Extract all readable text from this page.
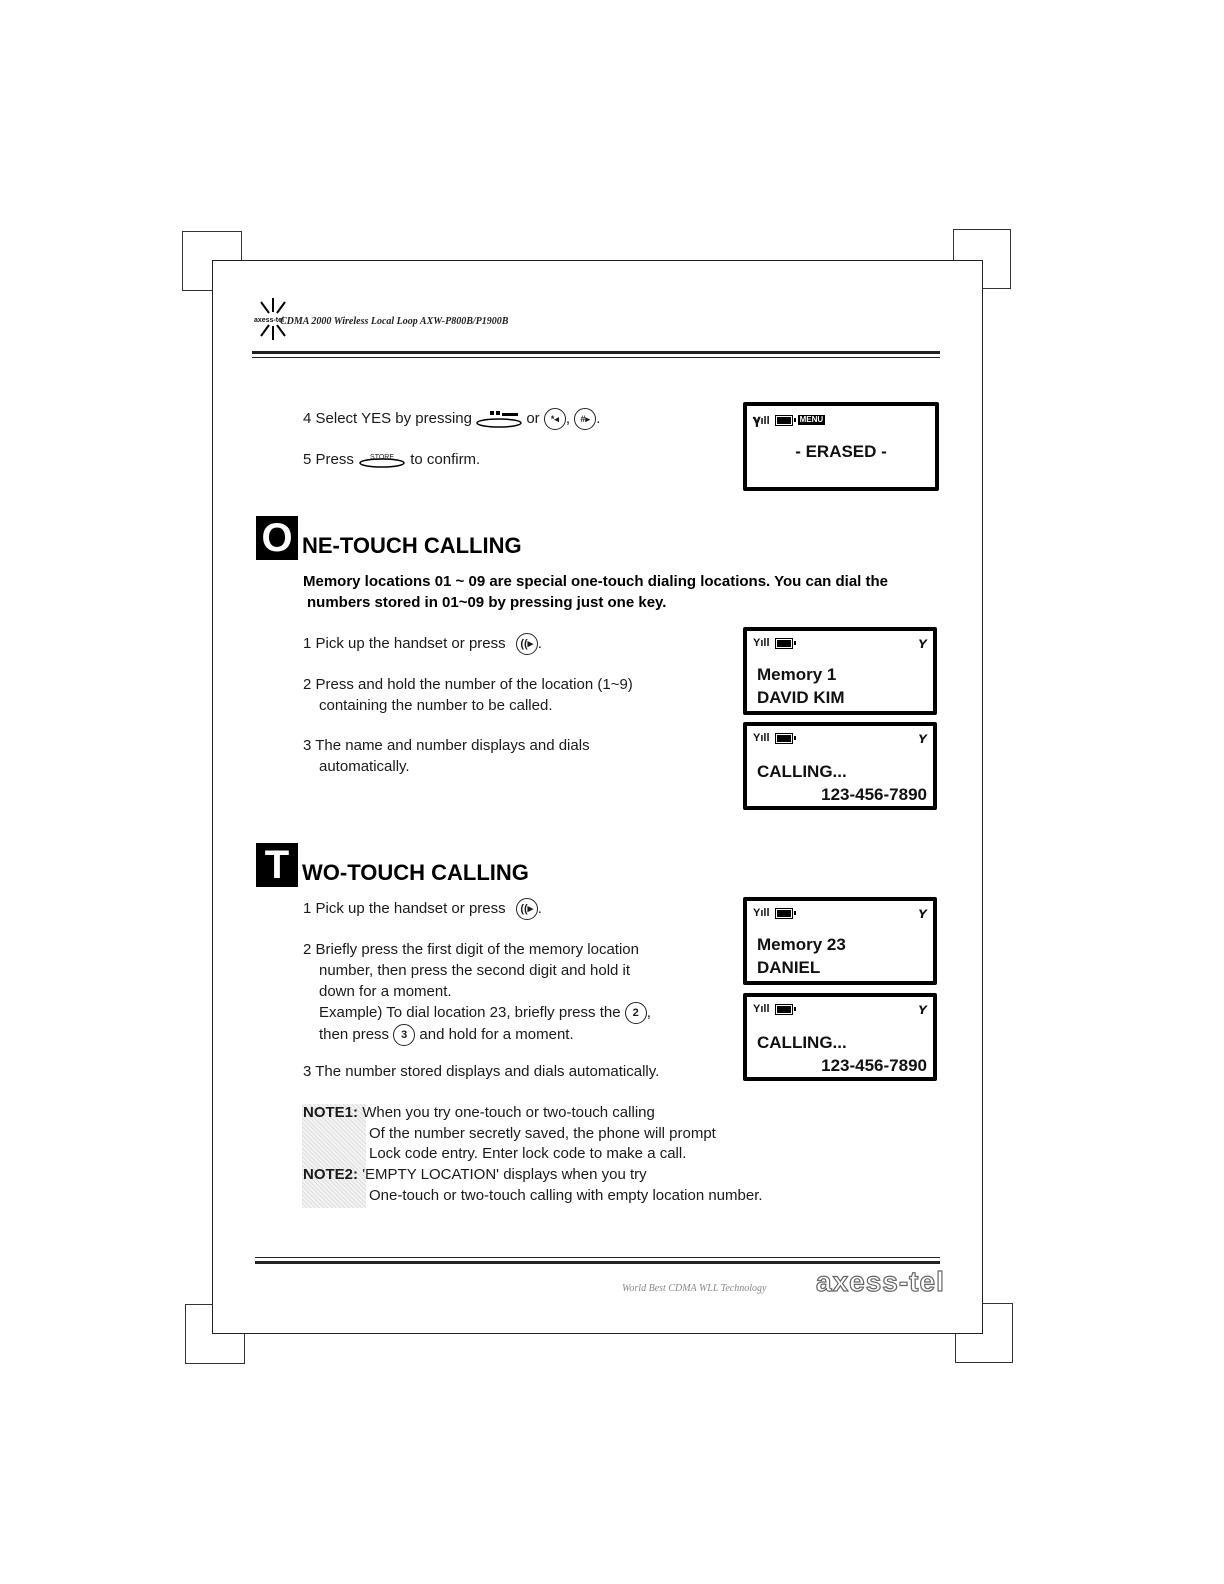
axess-tel
CDMA 2000 Wireless Local Loop AXW-P800B/P1900B
4 Select YES by pressing	or *◂ , #▸ .
5 Press STORE to confirm.
𝛄ıll	MENU
- ERASED -
O NE-TOUCH CALLING
Memory locations 01 ~ 09 are special one-touch dialing locations. You can dial the
numbers stored in 01~09 by pressing just one key.
1 Pick up the handset or press ((▸ .
2 Press and hold the number of the location (1~9)
containing the number to be called.
3 The name and number displays and dials
automatically.
Yıll	ʏ
Memory 1
DAVID KIM
Yıll	ʏ
CALLING...
123-456-7890
T WO-TOUCH CALLING
1 Pick up the handset or press ((▸ .
2 Briefly press the first digit of the memory location
number, then press the second digit and hold it
down for a moment.
Example) To dial location 23, briefly press the 2 ,
then press 3 and hold for a moment.
3 The number stored displays and dials automatically.
Yıll	ʏ
Memory 23
DANIEL
Yıll	ʏ
CALLING...
123-456-7890
NOTE1: When you try one-touch or two-touch calling
Of the number secretly saved, the phone will prompt
Lock code entry. Enter lock code to make a call.
NOTE2: 'EMPTY LOCATION' displays when you try
One-touch or two-touch calling with empty location number.
World Best CDMA WLL Technology axess-tel
